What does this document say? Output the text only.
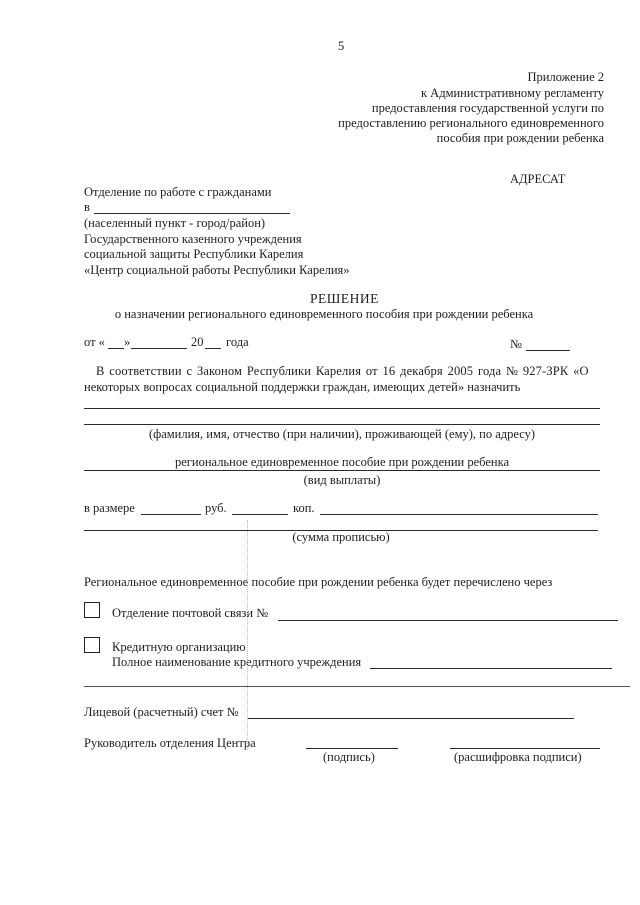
5
Приложение 2
к Административному регламенту
предоставления государственной услуги по
предоставлению регионального единовременного
пособия при рождении ребенка
АДРЕСАТ
Отделение по работе с гражданами
в
(населенный пункт - город/район)
Государственного казенного учреждения
социальной защиты Республики Карелия
«Центр социальной работы Республики Карелия»
РЕШЕНИЕ
о назначении регионального единовременного пособия при рождении ребенка
от « »	20 года	№
В соответствии с Законом Республики Карелия от 16 декабря 2005 года № 927-ЗРК «О
некоторых вопросах социальной поддержки граждан, имеющих детей» назначить
(фамилия, имя, отчество (при наличии), проживающей (ему), по адресу)
региональное единовременное пособие при рождении ребенка
(вид выплаты)
в размере	руб.	коп.
(сумма прописью)
Региональное единовременное пособие при рождении ребенка будет перечислено через
Отделение почтовой связи №
Кредитную организацию
Полное наименование кредитного учреждения
Лицевой (расчетный) счет №
Руководитель отделения Центра
(подпись)	(расшифровка подписи)
